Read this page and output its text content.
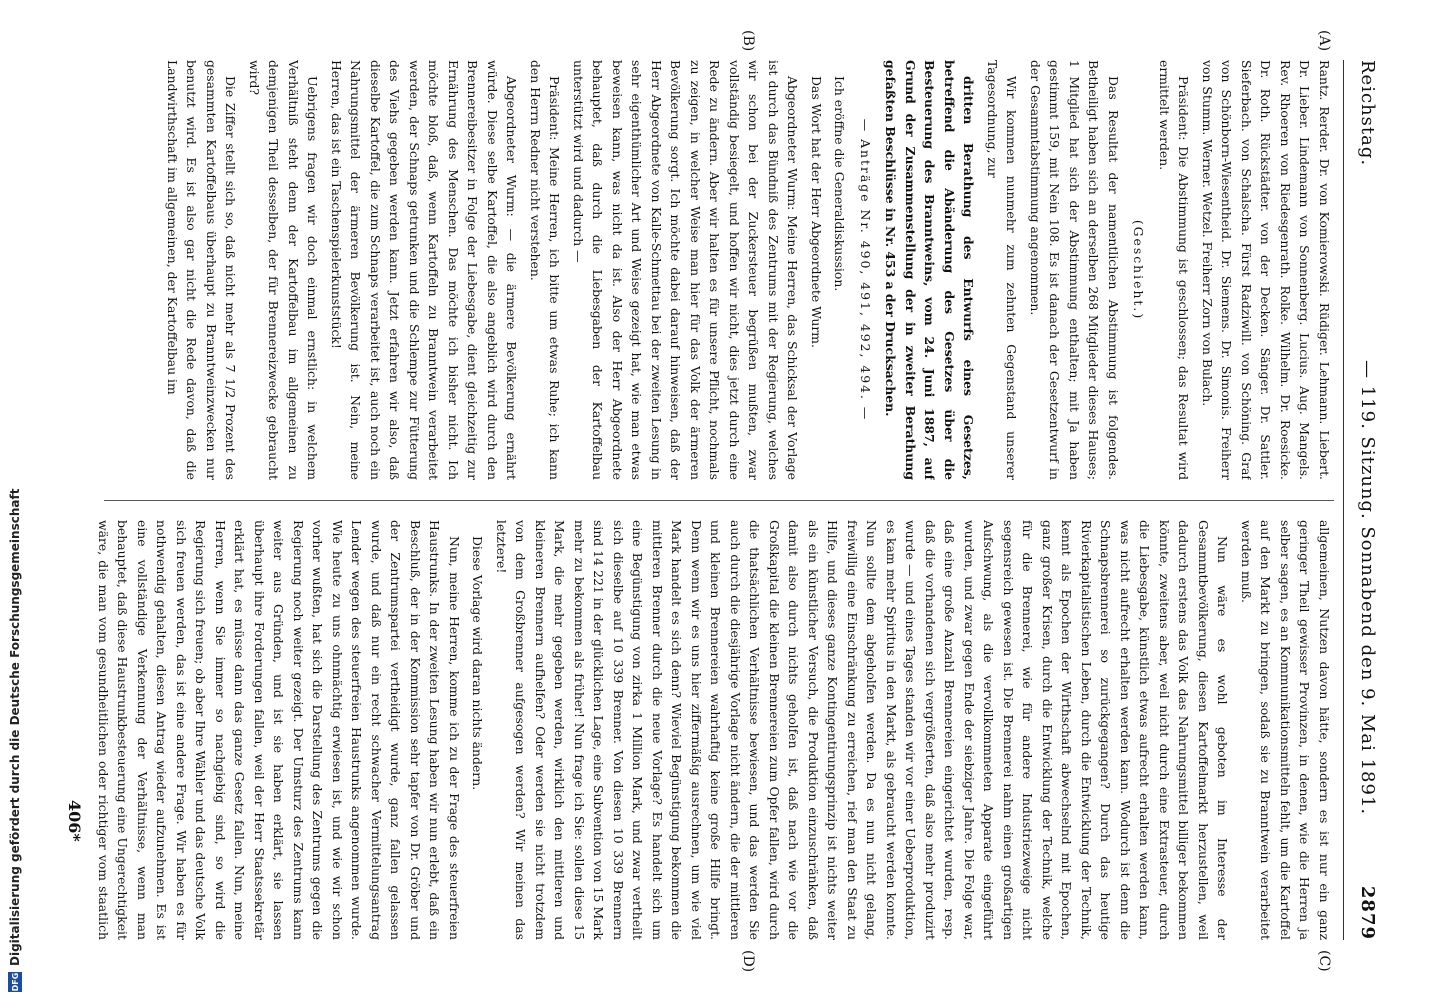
Reichstag.
— 119. Sitzung. Sonnabend den 9. Mai 1891.
2879
(A)
(B)
(C)
(D)

Rantz. Rerder. Dr. von Komierowski. Rüdiger. Lehmann. Liebert. Dr. Lieber. Lindemann von Sonnenberg. Lucius. Aug. Mangels. Rev. Rhoeren von Riedesgenrath. Rolke. Wilhelm. Dr. Roesicke. Dr. Roth. Rückstädter. von der Decken. Sänger. Dr. Sattler. Sieferbach. von Schalscha. Fürst Radziwill. von Schöning. Graf von Schönborn-Wiesentheid. Dr. Siemens. Dr. Simonis. Freiherr von Stumm. Werner. Wetzel. Freiherr Zorn von Bulach.

Präsident: Die Abstimmung ist geschlossen; das Resultat wird ermittelt werden.

(Geschieht.)

Das Resultat der namentlichen Abstimmung ist folgendes. Betheiligt haben sich an derselben 268 Mitglieder dieses Hauses; 1 Mitglied hat sich der Abstimmung enthalten; mit Ja haben gestimmt 159, mit Nein 108. Es ist danach der Gesetzentwurf in der Gesammtabstimmung angenommen.

Wir kommen nunmehr zum zehnten Gegenstand unserer Tagesordnung, zur

dritten Berathung des Entwurfs eines Gesetzes, betreffend die Abänderung des Gesetzes über die Besteuerung des Branntweins, vom 24. Juni 1887, auf Grund der Zusammenstellung der in zweiter Berathung gefaßten Beschlüsse in Nr. 453 a der Drucksachen.

— Anträge Nr. 490, 491, 492, 494. —

Ich eröffne die Generaldiskussion.

Das Wort hat der Herr Abgeordnete Wurm.

Abgeordneter Wurm: Meine Herren, das Schicksal der Vorlage ist durch das Bündniß des Zentrums mit der Regierung, welches wir schon bei der Zuckersteuer begrüßen mußten, zwar vollständig besiegelt, und hoffen wir nicht, dies jetzt durch eine Rede zu ändern. Aber wir halten es für unsere Pflicht, nochmals zu zeigen, in welcher Weise man hier für das Volk der ärmeren Bevölkerung sorgt. Ich möchte dabei darauf hinweisen, daß der Herr Abgeordnete von Kalle-Schmettau bei der zweiten Lesung in sehr eigenthümlicher Art und Weise gezeigt hat, wie man etwas beweisen kann, was nicht da ist. Also der Herr Abgeordnete behauptet, daß durch die Liebesgaben der Kartoffelbau unterstützt wird und dadurch —

Präsident: Meine Herren, ich bitte um etwas Ruhe; ich kann den Herrn Redner nicht verstehen.

Abgeordneter Wurm: — die ärmere Bevölkerung ernährt würde. Diese selbe Kartoffel, die also angeblich wird durch den Brennereibesitzer in Folge der Liebesgabe, dient gleichzeitig zur Ernährung des Menschen. Das möchte ich bisher nicht. Ich möchte bloß, daß, wenn Kartoffeln zu Branntwein verarbeitet werden, der Schnaps getrunken und die Schlempe zur Fütterung des Viehs gegeben werden kann. Jetzt erfahren wir also, daß dieselbe Kartoffel, die zum Schnaps verarbeitet ist, auch noch ein Nahrungsmittel der ärmeren Bevölkerung ist. Nein, meine Herren, das ist ein Taschenspielerkunststück!

Uebrigens fragen wir doch einmal ernstlich: in welchem Verhältniß steht denn der Kartoffelbau im allgemeinen zu demjenigen Theil desselben, der für Brennereizwecke gebraucht wird?

Die Ziffer stellt sich so, daß nicht mehr als 7 1/2 Prozent des gesammten Kartoffelbaus überhaupt zu Branntweinzwecken nur benutzt wird. Es ist also gar nicht die Rede davon, daß die Landwirthschaft im allgemeinen, der Kartoffelbau im

allgemeinen, Nutzen davon hätte, sondern es ist nur ein ganz geringer Theil gewisser Provinzen, in denen, wie die Herren ja selber sagen, es an Kommunikationsmitteln fehlt, um die Kartoffel auf den Markt zu bringen, sodaß sie zu Branntwein verarbeitet werden muß.

Nun wäre es wohl geboten im Interesse der Gesammtbevölkerung, diesen Kartoffelmarkt herzustellen, weil dadurch erstens das Volk das Nahrungsmittel billiger bekommen könnte, zweitens aber, weil nicht durch eine Extrasteuer, durch die Liebesgabe, künstlich etwas aufrecht erhalten werden kann, was nicht aufrecht erhalten werden kann. Wodurch ist denn die Schnapsbrennerei so zurückgegangen? Durch das heutige Rivierkapitalistischen Leben, durch die Entwicklung der Technik, kennt als Epochen der Wirthschaft abwechselnd mit Epochen, ganz großer Krisen, durch die Entwicklung der Technik, welche für die Brennerei, wie für andere Industriezweige nicht segensreich gewesen ist. Die Brennerei nahm einen großartigen Aufschwung, als die vervollkommneten Apparate eingeführt wurden, und zwar gegen Ende der siebziger Jahre. Die Folge war, daß eine große Anzahl Brennereien eingerichtet wurden, resp. daß die vorhandenen sich vergrößerten, daß also mehr produzirt wurde — und eines Tages standen wir vor einer Ueberproduktion, es kam mehr Spiritus in den Markt, als gebraucht werden konnte. Nun sollte dem abgeholfen werden. Da es nun nicht gelang, freiwillig eine Einschränkung zu erreichen, rief man den Staat zu Hilfe, und dieses ganze Kontingentirungsprinzip ist nichts weiter als ein künstlicher Versuch, die Produktion einzuschränken, daß damit also durch nichts geholfen ist, daß nach wie vor die Großkapital die kleinen Brennereien zum Opfer fallen, wird durch die thatsächlichen Verhältnisse bewiesen, und das werden Sie auch durch die diesjährige Vorlage nicht ändern, die der mittleren und kleinen Brennereien wahrhaftig keine große Hilfe bringt. Denn wenn wir es uns hier ziffermäßig ausrechnen, um wie viel Mark handelt es sich denn? Wieviel Begünstigung bekommen die mittleren Brenner durch die neue Vorlage? Es handelt sich um eine Begünstigung von zirka 1 Million Mark, und zwar vertheilt sich dieselbe auf 10 339 Brenner. Von diesen 10 339 Brennern sind 14 221 in der glücklichen Lage, eine Subvention von 15 Mark mehr zu bekommen als früher! Nun frage ich Sie: sollen diese 15 Mark, die mehr gegeben werden, wirklich den mittleren und kleineren Brennern aufhelfen? Oder werden sie nicht trotzdem von dem Großbrenner aufgesogen werden? Wir meinen das letztere!

Diese Vorlage wird daran nichts ändern.

Nun, meine Herren, komme ich zu der Frage des steuerfreien Haustrunks. In der zweiten Lesung haben wir nun erlebt, daß ein Beschluß, der in der Kommission sehr tapfer von Dr. Gröber und der Zentrumspartei vertheidigt wurde, ganz fallen gelassen wurde, und daß nur ein recht schwacher Vermittelungsantrag Lender wegen des steuerfreien Haustrunks angenommen wurde. Wie heute zu uns ohnmächtig erwiesen ist, und wie wir schon vorher wußten, hat sich die Darstellung des Zentrums gegen die Regierung noch weiter gezeigt. Der Umsturz des Zentrums kann weiter aus Gründen, und ist sie haben erklärt, sie lassen überhaupt ihre Forderungen fallen, weil der Herr Staatssekretär erklärt hat, es müsse dann das ganze Gesetz fallen. Nun, meine Herren, wenn Sie immer so nachgiebig sind, so wird die Regierung sich freuen; ob aber Ihre Wähler und das deutsche Volk sich freuen werden, das ist eine andere Frage. Wir haben es für nothwendig gehalten, diesen Antrag wieder aufzunehmen. Es ist eine vollständige Verkennung der Verhältnisse, wenn man behauptet, daß diese Haustrunkbesteuerung eine Ungerechtigkeit wäre, die man vom gesundheitlichen oder richtiger vom staatlich

406*
DFG
Digitalisierung gefördert durch die Deutsche Forschungsgemeinschaft
